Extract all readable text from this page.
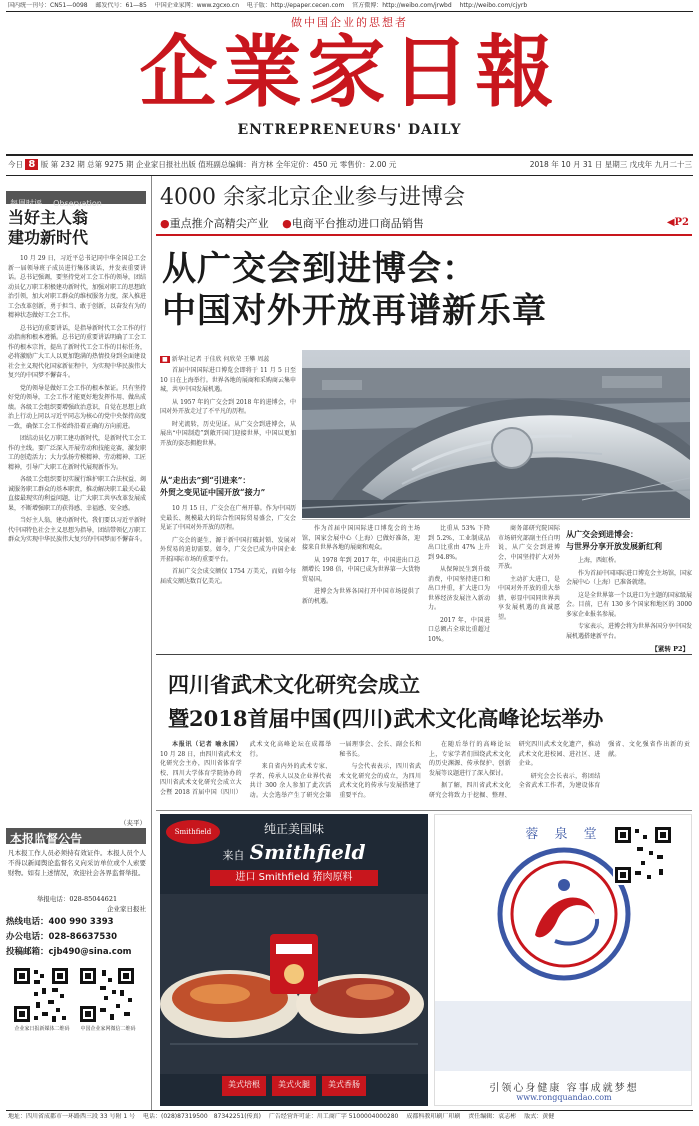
国内统一刊号：CN51—0098　 邮发代号：61—85　 中国企业家网：www.zgcxo.cn　 电子版：http://epaper.cecen.com　 官方微博：http://weibo.com/jrwbd　 http://weibo.com/cjyrb
做中国企业的思想者
企業家日報
ENTREPRENEURS' DAILY
今日 8 版 第 232 期 总第 9275 期 企业家日报社出版 值班副总编辑：肖方林 全年定价：450 元 零售价：2.00 元	2018 年 10 月 31 日 星期三 戊戌年 九月二十三
每周时评 Observation
当好主人翁
建功新时代

10 月 29 日，习近平总书记同中华全国总工会新一届领导班子成员进行集体谈话，并发表重要讲话。总书记强调，要坚持党对工会工作的领导，团结动员亿万职工积极建功新时代，加强对职工的思想政治引领，加大对职工群众的维权服务力度，深入推进工会改革创新，勇于担当、敢于创新，以奋发有为的精神状态做好工会工作。

总书记的重要讲话，是指导新时代工会工作的行动指南和根本遵循。总书记的重要讲话明确了工会工作的根本宗旨，提出了新时代工会工作的目标任务，必将激励广大工人以更加饱满的热情投身到全面建设社会主义现代化国家新征程中，为实现中华民族伟大复兴的中国梦不懈奋斗。

党的领导是做好工会工作的根本保证。只有坚持好党的领导，工会工作才能更好地发挥作用、做出成绩。各级工会组织要增强政治意识，自觉在思想上政治上行动上同以习近平同志为核心的党中央保持高度一致，确保工会工作始终沿着正确的方向前进。

团结动员亿万职工建功新时代，是新时代工会工作的主线。要广泛深入开展劳动和技能竞赛，激发职工的创造活力；大力弘扬劳模精神、劳动精神、工匠精神，引导广大职工在新时代展现新作为。

各级工会组织要切实履行维护职工合法权益、竭诚服务职工群众的基本职责，推动解决职工最关心最直接最现实的利益问题，让广大职工共享改革发展成果，不断增强职工的获得感、幸福感、安全感。

当好主人翁，建功新时代。我们要以习近平新时代中国特色社会主义思想为指导，团结带领亿万职工群众为实现中华民族伟大复兴的中国梦而不懈奋斗。

（夹平）
本报监督公告
凡本报工作人员必须持有效证件。本报人员个人不得以新闻舆论监督名义向采访单位或个人索要财物。如有上述情况，欢迎社会各界监督举报。
举报电话：028-85044621
企业家日报社
热线电话：400 990 3393
办公电话：028-86637530
投稿邮箱：cjb490@sina.com
企业家日报新媒体二维码	中国企业家网微信二维码
4000 余家北京企业参与进博会
●重点推介高精尖产业 ●电商平台推动进口商品销售	◀P2
从广交会到进博会：
中国对外开放再谱新乐章
■ 新华社记者 于佳欣 何欣荣 王攀 周蕊

首届中国国际进口博览会即将于 11 月 5 日至 10 日在上海举行。世界各地的展商和采购商云集申城，共享中国发展机遇。

从 1957 年的广交会到 2018 年的进博会，中国对外开放走过了不平凡的历程。

时光流转，历史见证。从广交会到进博会，从展出“中国制造”到敞开国门迎接世界，中国以更加开放的姿态拥抱世界。

从“走出去”到“引进来”：
外贸之变见证中国开放“接力”

10 月 15 日，广交会在广州开幕。作为中国历史最长、规模最大的综合性国际贸易盛会，广交会见证了中国对外开放的历程。

广交会的诞生，源于新中国打破封锁、发展对外贸易的迫切需要。如今，广交会已成为中国企业开拓国际市场的重要平台。

首届广交会成交额仅 1754 万美元，而如今每届成交额达数百亿美元。

作为首届中国国际进口博览会的主场馆，国家会展中心（上海）已做好准备，迎接来自世界各地的展商和观众。

从 1978 年到 2017 年，中国进出口总额增长 198 倍，中国已成为世界第一大货物贸易国。

进博会为世界各国打开中国市场提供了新的机遇。

比重从 53% 下降到 5.2%，工业制成品出口比重由 47% 上升到 94.8%。

从保障民生到升级消费，中国坚持进口和出口并重，扩大进口为世界经济发展注入新动力。

2017 年，中国进口总额占全球比重超过 10%。

商务部研究院国际市场研究部副主任白明说，从广交会到进博会，中国坚持扩大对外开放。

主动扩大进口，是中国对外开放的重大举措，彰显中国同世界共享发展机遇的真诚愿望。

从广交会到进博会：
与世界分享开放发展新红利

上海，西虹桥。

作为首届中国国际进口博览会主场馆，国家会展中心（上海）已准备就绪。

这是全世界第一个以进口为主题的国家级展会。目前，已有 130 多个国家和地区的 3000 多家企业报名参展。

专家表示，进博会将为世界各国分享中国发展机遇搭建新平台。

【紧转 P2】
四川省武术文化研究会成立
暨2018首届中国(四川)武术文化高峰论坛举办

本报讯（记者 喻永国）10 月 28 日，由四川省武术文化研究会主办，四川省体育学校、四川大学体育学院协办的四川省武术文化研究会成立大会暨 2018 首届中国（四川）武术文化高峰论坛在成都举行。

来自省内外的武术专家、学者、传承人以及企业界代表共计 300 余人参加了此次活动。大会选举产生了研究会第一届理事会、会长、副会长和秘书长。

与会代表表示，四川省武术文化研究会的成立，为四川武术文化的传承与发展搭建了重要平台。

在随后举行的高峰论坛上，专家学者们围绕武术文化的历史渊源、传承保护、创新发展等议题进行了深入探讨。

据了解，四川省武术文化研究会将致力于挖掘、整理、研究四川武术文化遗产，推动武术文化进校园、进社区、进企业。

研究会会长表示，将团结全省武术工作者，为建设体育强省、文化强省作出新的贡献。

Smithfield	纯正美国味
来自 Smithfield
进口 Smithfield 猪肉原料
美式培根	美式火腿	美式香肠
蓉 泉 堂
引领心身健康 容事成就梦想
www.rongquandao.com
地址：四川省成都市一环路西三段 33 号附 1 号　 电话：(028)87319500　87342251(传真)　 广告经营许可证：川工商广字 5100004000280　 成都科教印刷厂印刷　 责任编辑：袁志彬　 版式：黄健
